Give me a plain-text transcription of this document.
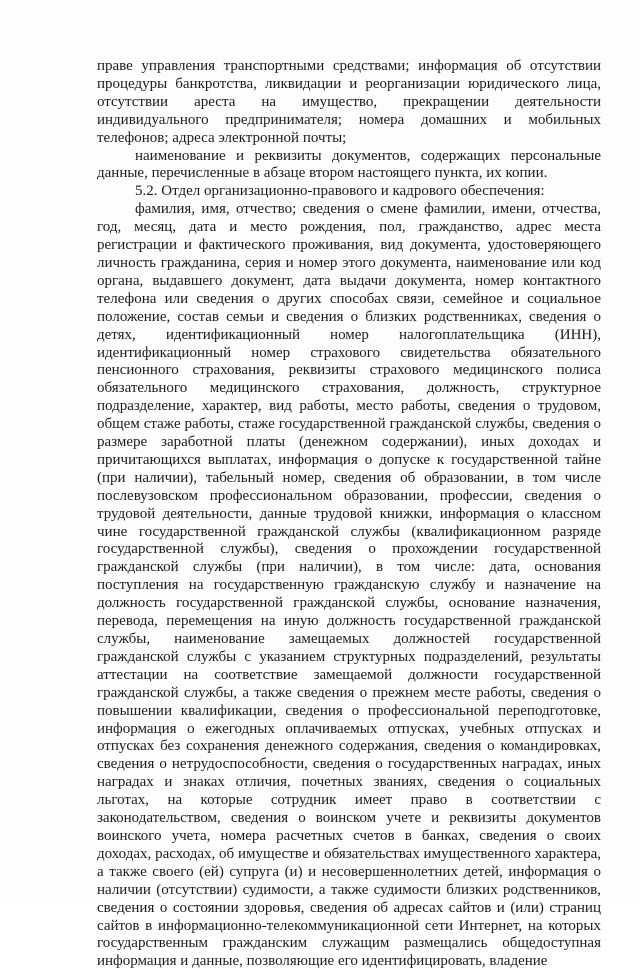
праве управления транспортными средствами; информация об отсутствии процедуры банкротства, ликвидации и реорганизации юридического лица, отсутствии ареста на имущество, прекращении деятельности индивидуального предпринимателя; номера домашних и мобильных телефонов; адреса электронной почты;

наименование и реквизиты документов, содержащих персональные данные, перечисленные в абзаце втором настоящего пункта, их копии.

5.2. Отдел организационно-правового и кадрового обеспечения:

фамилия, имя, отчество; сведения о смене фамилии, имени, отчества, год, месяц, дата и место рождения, пол, гражданство, адрес места регистрации и фактического проживания, вид документа, удостоверяющего личность гражданина, серия и номер этого документа, наименование или код органа, выдавшего документ, дата выдачи документа, номер контактного телефона или сведения о других способах связи, семейное и социальное положение, состав семьи и сведения о близких родственниках, сведения о детях, идентификационный номер налогоплательщика (ИНН), идентификационный номер страхового свидетельства обязательного пенсионного страхования, реквизиты страхового медицинского полиса обязательного медицинского страхования, должность, структурное подразделение, характер, вид работы, место работы, сведения о трудовом, общем стаже работы, стаже государственной гражданской службы, сведения о размере заработной платы (денежном содержании), иных доходах и причитающихся выплатах, информация о допуске к государственной тайне (при наличии), табельный номер, сведения об образовании, в том числе послевузовском профессиональном образовании, профессии, сведения о трудовой деятельности, данные трудовой книжки, информация о классном чине государственной гражданской службы (квалификационном разряде государственной службы), сведения о прохождении государственной гражданской службы (при наличии), в том числе: дата, основания поступления на государственную гражданскую службу и назначение на должность государственной гражданской службы, основание назначения, перевода, перемещения на иную должность государственной гражданской службы, наименование замещаемых должностей государственной гражданской службы с указанием структурных подразделений, результаты аттестации на соответствие замещаемой должности государственной гражданской службы, а также сведения о прежнем месте работы, сведения о повышении квалификации, сведения о профессиональной переподготовке, информация о ежегодных оплачиваемых отпусках, учебных отпусках и отпусках без сохранения денежного содержания, сведения о командировках, сведения о нетрудоспособности, сведения о государственных наградах, иных наградах и знаках отличия, почетных званиях, сведения о социальных льготах, на которые сотрудник имеет право в соответствии с законодательством, сведения о воинском учете и реквизиты документов воинского учета, номера расчетных счетов в банках, сведения о своих доходах, расходах, об имуществе и обязательствах имущественного характера, а также своего (ей) супруга (и) и несовершеннолетних детей, информация о наличии (отсутствии) судимости, а также судимости близких родственников, сведения о состоянии здоровья, сведения об адресах сайтов и (или) страниц сайтов в информационно-телекоммуникационной сети Интернет, на которых государственным гражданским служащим размещались общедоступная информация и данные, позволяющие его идентифицировать, владение
